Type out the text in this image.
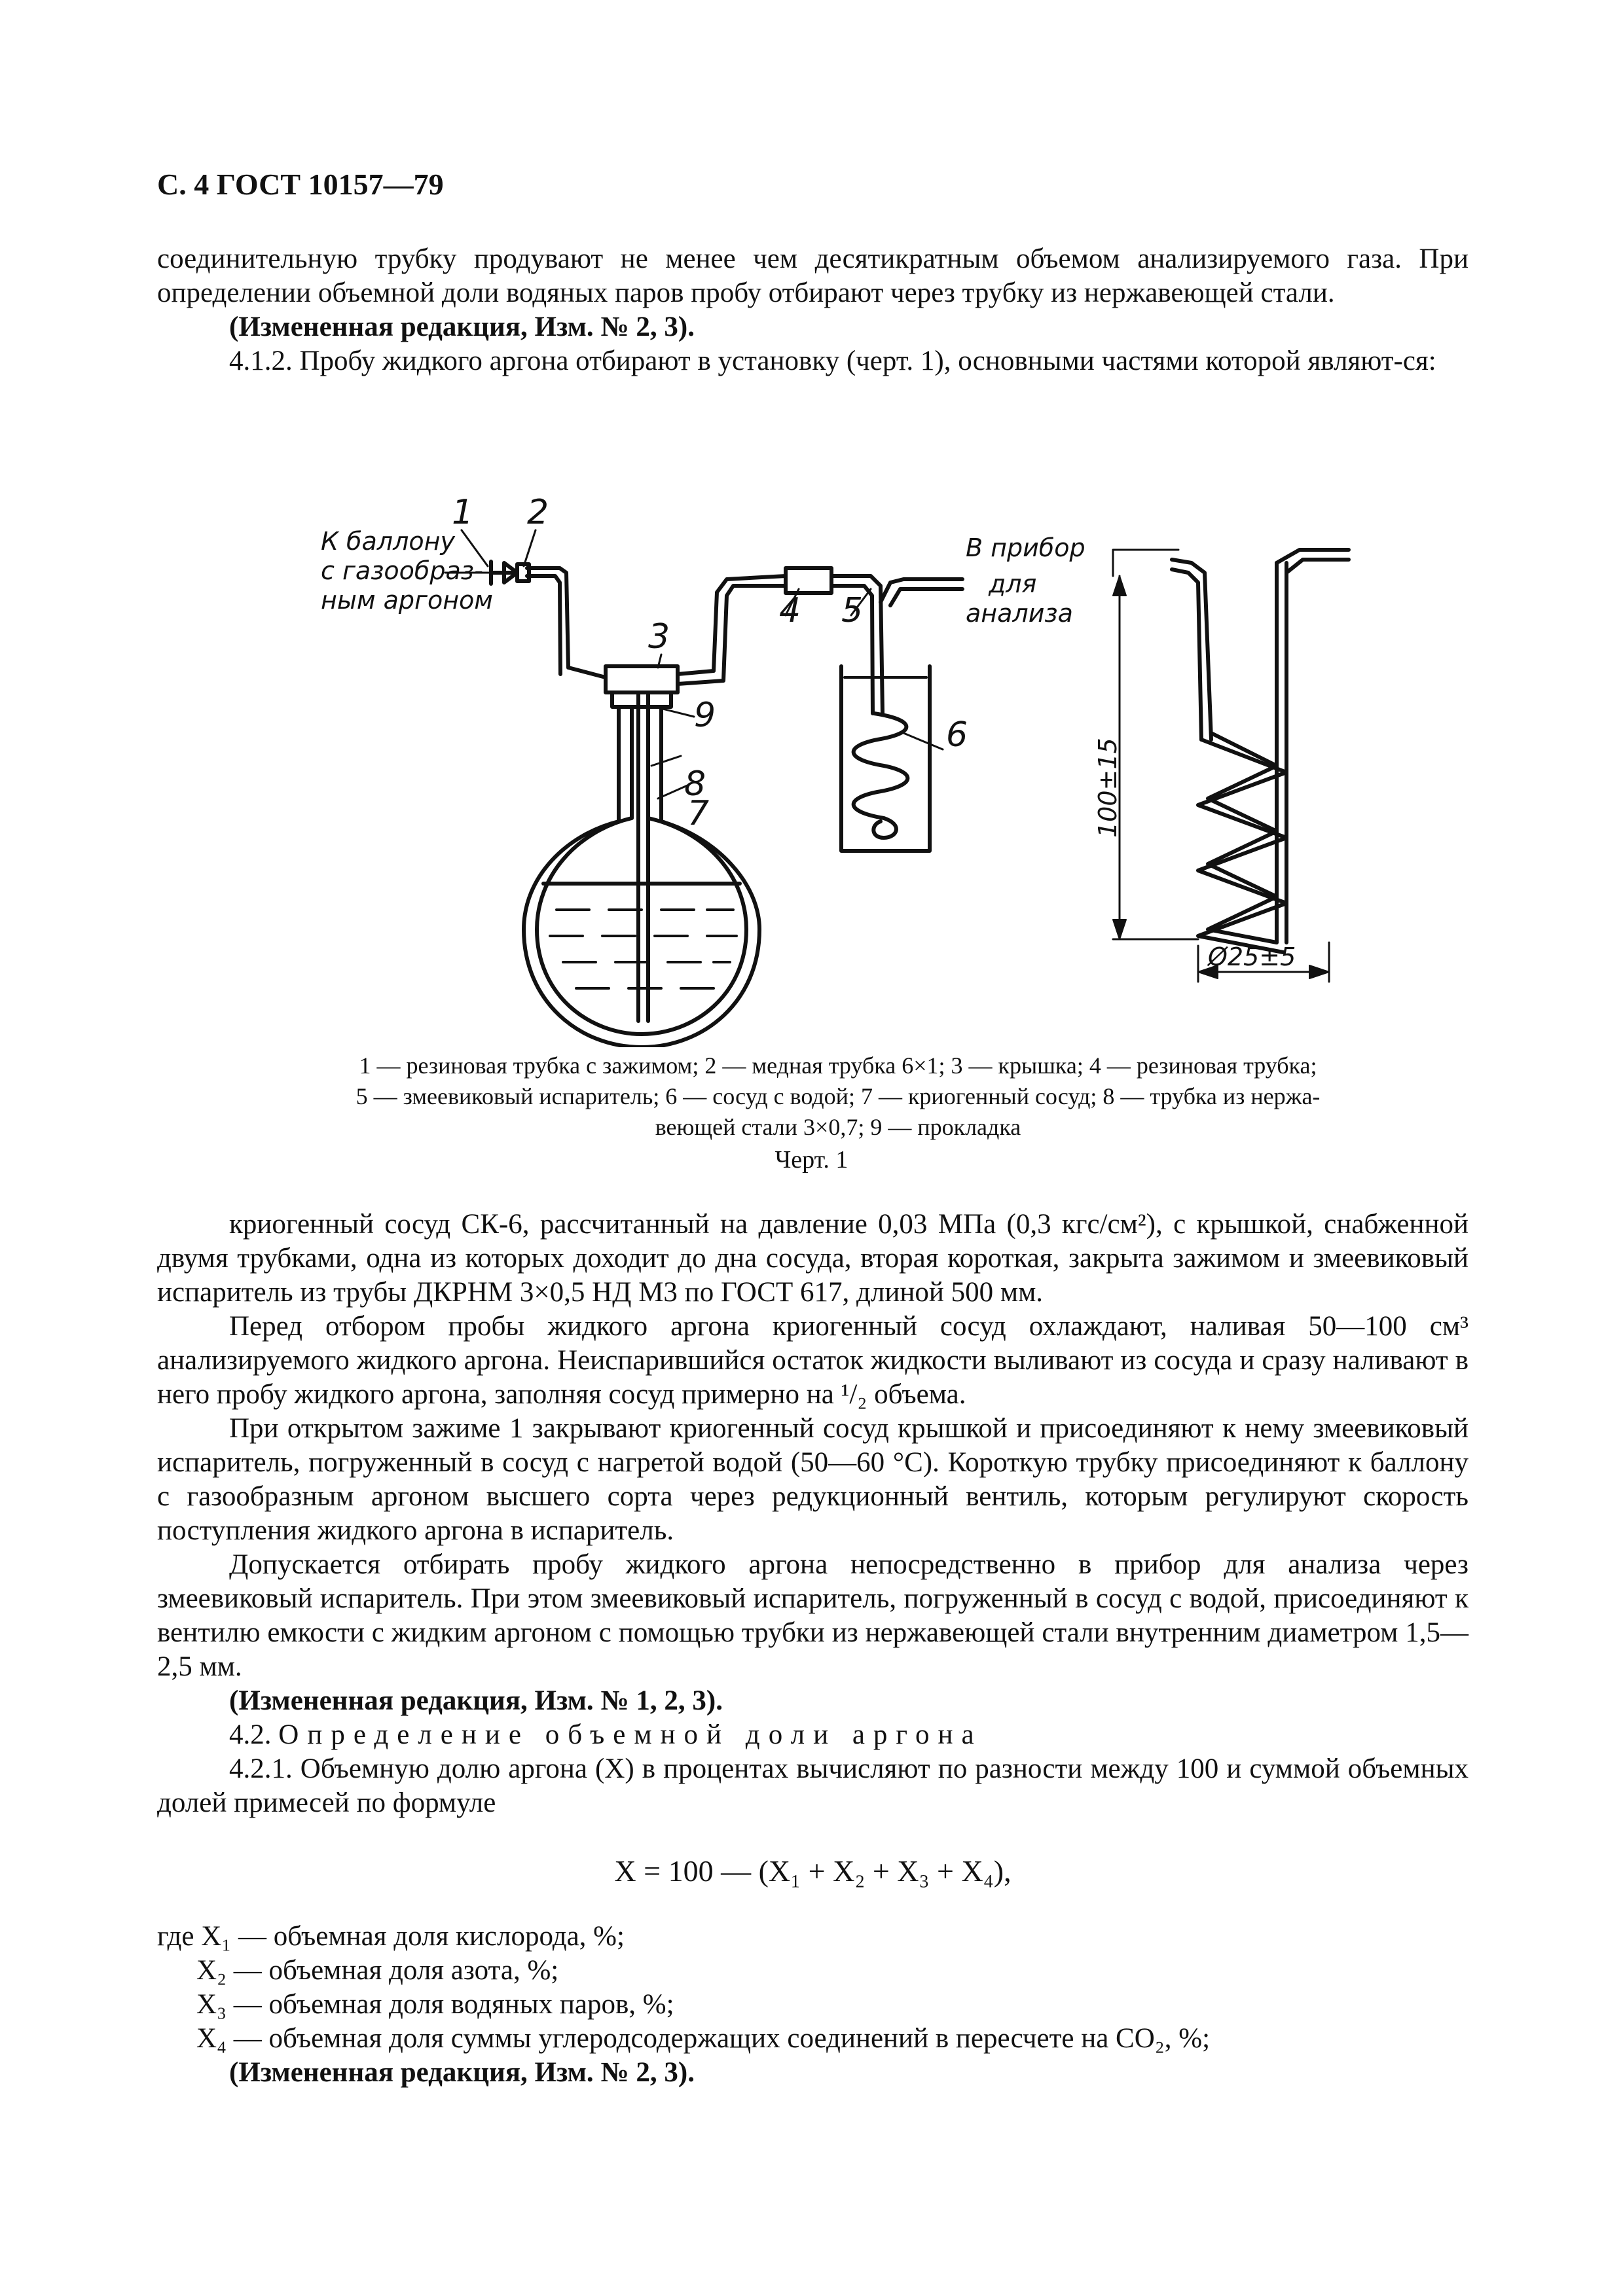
С. 4 ГОСТ 10157—79

соединительную трубку продувают не менее чем десятикратным объемом анализируемого газа. При определении объемной доли водяных паров пробу отбирают через трубку из нержавеющей стали.

(Измененная редакция, Изм. № 2, 3).

4.1.2. Пробу жидкого аргона отбирают в установку (черт. 1), основными частями которой являют-ся:

К баллону
с газообраз-
ным аргоном
В прибор
для
анализа
1 2
3
4 5
6
7
8
9
100±15
Ø25±5
1 — резиновая трубка с зажимом; 2 — медная трубка 6×1; 3 — крышка; 4 — резиновая трубка;
5 — змеевиковый испаритель; 6 — сосуд с водой; 7 — криогенный сосуд; 8 — трубка из нержа-
веющей стали 3×0,7; 9 — прокладка
Черт. 1

криогенный сосуд СК-6, рассчитанный на давление 0,03 МПа (0,3 кгс/см²), с крышкой, снабженной двумя трубками, одна из которых доходит до дна сосуда, вторая короткая, закрыта зажимом и змеевиковый испаритель из трубы ДКРНМ 3×0,5 НД М3 по ГОСТ 617, длиной 500 мм.

Перед отбором пробы жидкого аргона криогенный сосуд охлаждают, наливая 50—100 см³ анализируемого жидкого аргона. Неиспарившийся остаток жидкости выливают из сосуда и сразу наливают в него пробу жидкого аргона, заполняя сосуд примерно на ¹/₂ объема.

При открытом зажиме 1 закрывают криогенный сосуд крышкой и присоединяют к нему змеевиковый испаритель, погруженный в сосуд с нагретой водой (50—60 °С). Короткую трубку присоединяют к баллону с газообразным аргоном высшего сорта через редукционный вентиль, которым регулируют скорость поступления жидкого аргона в испаритель.

Допускается отбирать пробу жидкого аргона непосредственно в прибор для анализа через змеевиковый испаритель. При этом змеевиковый испаритель, погруженный в сосуд с водой, присоединяют к вентилю емкости с жидким аргоном с помощью трубки из нержавеющей стали внутренним диаметром 1,5—2,5 мм.

(Измененная редакция, Изм. № 1, 2, 3).

4.2. Определение объемной доли аргона

4.2.1. Объемную долю аргона (X) в процентах вычисляют по разности между 100 и суммой объемных долей примесей по формуле

X = 100 — (X₁ + X₂ + X₃ + X₄),

где X₁ — объемная доля кислорода, %;

X₂ — объемная доля азота, %;

X₃ — объемная доля водяных паров, %;

X₄ — объемная доля суммы углеродсодержащих соединений в пересчете на СО₂, %;

(Измененная редакция, Изм. № 2, 3).
